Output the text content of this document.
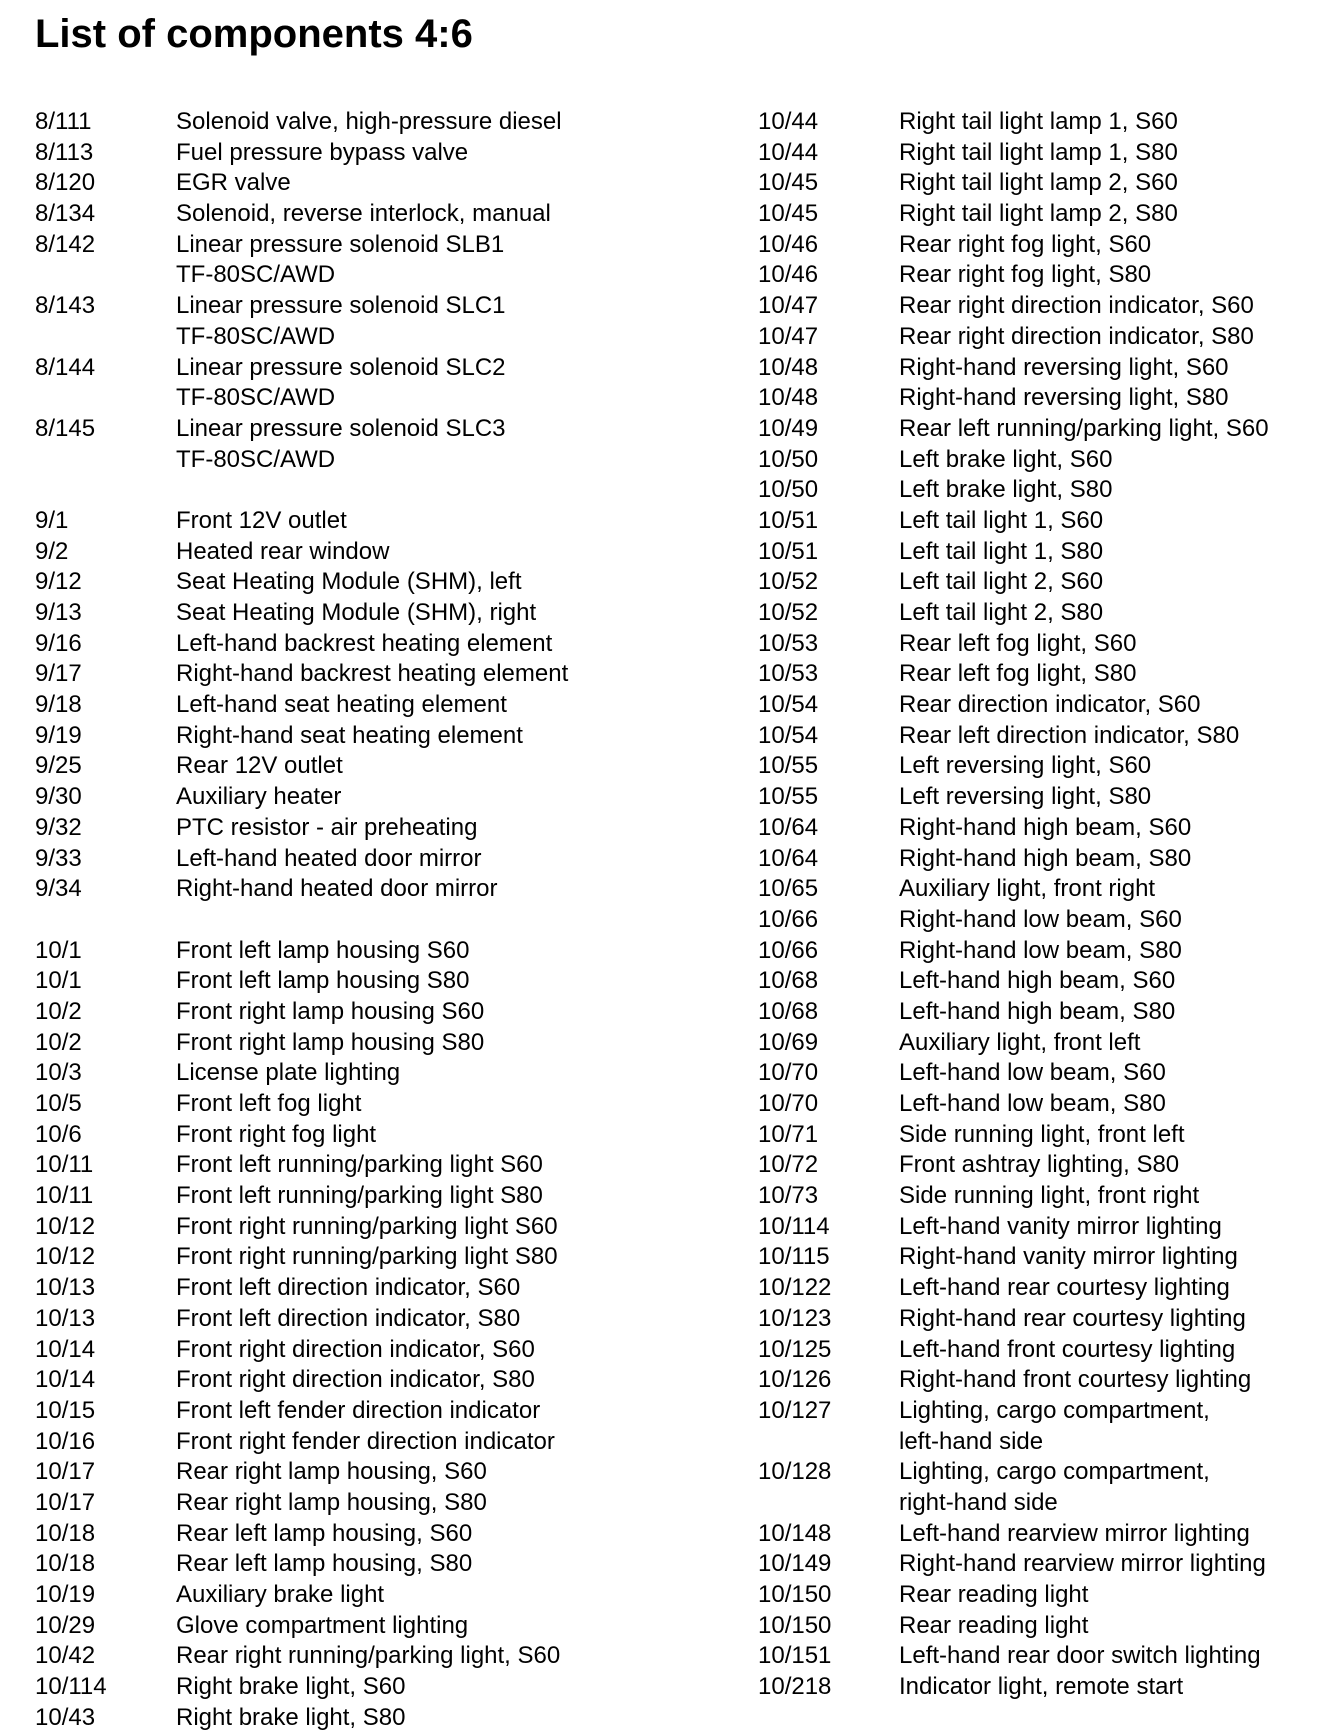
List of components 4:6
8/111	Solenoid valve, high-pressure diesel
8/113	Fuel pressure bypass valve
8/120	EGR valve
8/134	Solenoid, reverse interlock, manual
8/142	Linear pressure solenoid SLB1
TF-80SC/AWD
8/143	Linear pressure solenoid SLC1
TF-80SC/AWD
8/144	Linear pressure solenoid SLC2
TF-80SC/AWD
8/145	Linear pressure solenoid SLC3
TF-80SC/AWD
9/1	Front 12V outlet
9/2	Heated rear window
9/12	Seat Heating Module (SHM), left
9/13	Seat Heating Module (SHM), right
9/16	Left-hand backrest heating element
9/17	Right-hand backrest heating element
9/18	Left-hand seat heating element
9/19	Right-hand seat heating element
9/25	Rear 12V outlet
9/30	Auxiliary heater
9/32	PTC resistor - air preheating
9/33	Left-hand heated door mirror
9/34	Right-hand heated door mirror
10/1	Front left lamp housing S60
10/1	Front left lamp housing S80
10/2	Front right lamp housing S60
10/2	Front right lamp housing S80
10/3	License plate lighting
10/5	Front left fog light
10/6	Front right fog light
10/11	Front left running/parking light S60
10/11	Front left running/parking light S80
10/12	Front right running/parking light S60
10/12	Front right running/parking light S80
10/13	Front left direction indicator, S60
10/13	Front left direction indicator, S80
10/14	Front right direction indicator, S60
10/14	Front right direction indicator, S80
10/15	Front left fender direction indicator
10/16	Front right fender direction indicator
10/17	Rear right lamp housing, S60
10/17	Rear right lamp housing, S80
10/18	Rear left lamp housing, S60
10/18	Rear left lamp housing, S80
10/19	Auxiliary brake light
10/29	Glove compartment lighting
10/42	Rear right running/parking light, S60
10/114	Right brake light, S60
10/43	Right brake light, S80
10/44	Right tail light lamp 1, S60
10/44	Right tail light lamp 1, S80
10/45	Right tail light lamp 2, S60
10/45	Right tail light lamp 2, S80
10/46	Rear right fog light, S60
10/46	Rear right fog light, S80
10/47	Rear right direction indicator, S60
10/47	Rear right direction indicator, S80
10/48	Right-hand reversing light, S60
10/48	Right-hand reversing light, S80
10/49	Rear left running/parking light, S60
10/50	Left brake light, S60
10/50	Left brake light, S80
10/51	Left tail light 1, S60
10/51	Left tail light 1, S80
10/52	Left tail light 2, S60
10/52	Left tail light 2, S80
10/53	Rear left fog light, S60
10/53	Rear left fog light, S80
10/54	Rear direction indicator, S60
10/54	Rear left direction indicator, S80
10/55	Left reversing light, S60
10/55	Left reversing light, S80
10/64	Right-hand high beam, S60
10/64	Right-hand high beam, S80
10/65	Auxiliary light, front right
10/66	Right-hand low beam, S60
10/66	Right-hand low beam, S80
10/68	Left-hand high beam, S60
10/68	Left-hand high beam, S80
10/69	Auxiliary light, front left
10/70	Left-hand low beam, S60
10/70	Left-hand low beam, S80
10/71	Side running light, front left
10/72	Front ashtray lighting, S80
10/73	Side running light, front right
10/114	Left-hand vanity mirror lighting
10/115	Right-hand vanity mirror lighting
10/122	Left-hand rear courtesy lighting
10/123	Right-hand rear courtesy lighting
10/125	Left-hand front courtesy lighting
10/126	Right-hand front courtesy lighting
10/127	Lighting, cargo compartment,
left-hand side
10/128	Lighting, cargo compartment,
right-hand side
10/148	Left-hand rearview mirror lighting
10/149	Right-hand rearview mirror lighting
10/150	Rear reading light
10/150	Rear reading light
10/151	Left-hand rear door switch lighting
10/218	Indicator light, remote start
